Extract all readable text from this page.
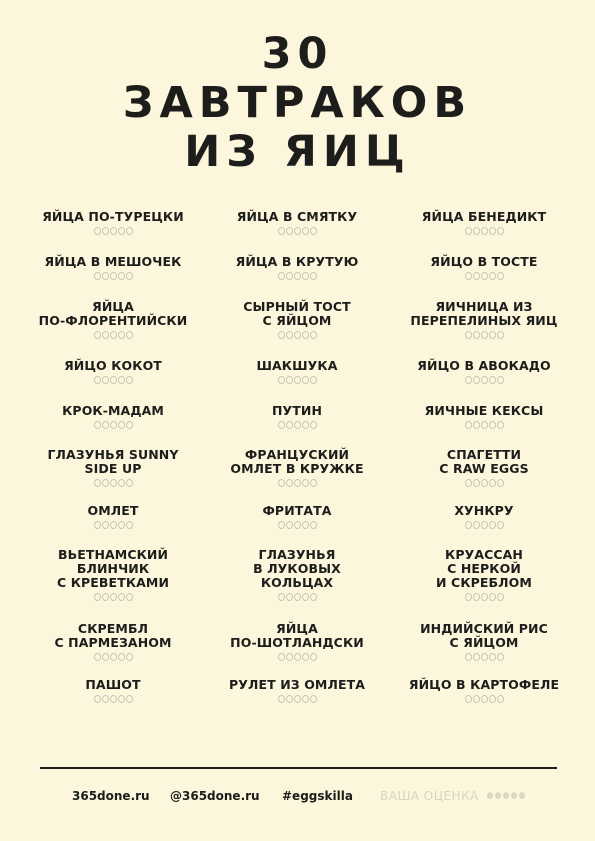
30
ЗАВТРАКОВ
ИЗ ЯИЦ
ЯЙЦА ПО-ТУРЕЦКИ
ЯЙЦА В МЕШОЧЕК
ЯЙЦА
ПО-ФЛОРЕНТИЙСКИ
ЯЙЦО КОКОТ
КРОК-МАДАМ
ГЛАЗУНЬЯ SUNNY
SIDE UP
ОМЛЕТ
ВЬЕТНАМСКИЙ
БЛИНЧИК
С КРЕВЕТКАМИ
СКРЕМБЛ
С ПАРМЕЗАНОМ
ПАШОТ
ЯЙЦА В СМЯТКУ
ЯЙЦА В КРУТУЮ
СЫРНЫЙ ТОСТ
С ЯЙЦОМ
ШАКШУКА
ПУТИН
ФРАНЦУСКИЙ
ОМЛЕТ В КРУЖКЕ
ФРИТАТА
ГЛАЗУНЬЯ
В ЛУКОВЫХ
КОЛЬЦАХ
ЯЙЦА
ПО-ШОТЛАНДСКИ
РУЛЕТ ИЗ ОМЛЕТА
ЯЙЦА БЕНЕДИКТ
ЯЙЦО В ТОСТЕ
ЯИЧНИЦА ИЗ
ПЕРЕПЕЛИНЫХ ЯИЦ
ЯЙЦО В АВОКАДО
ЯИЧНЫЕ КЕКСЫ
СПАГЕТТИ
С RAW EGGS
ХУНКРУ
КРУАССАН
С НЕРКОЙ
И СКРЕБЛОМ
ИНДИЙСКИЙ РИС
С ЯЙЦОМ
ЯЙЦО В КАРТОФЕЛЕ
365done.ru @365done.ru #eggskilla ВАША ОЦЕНКА
